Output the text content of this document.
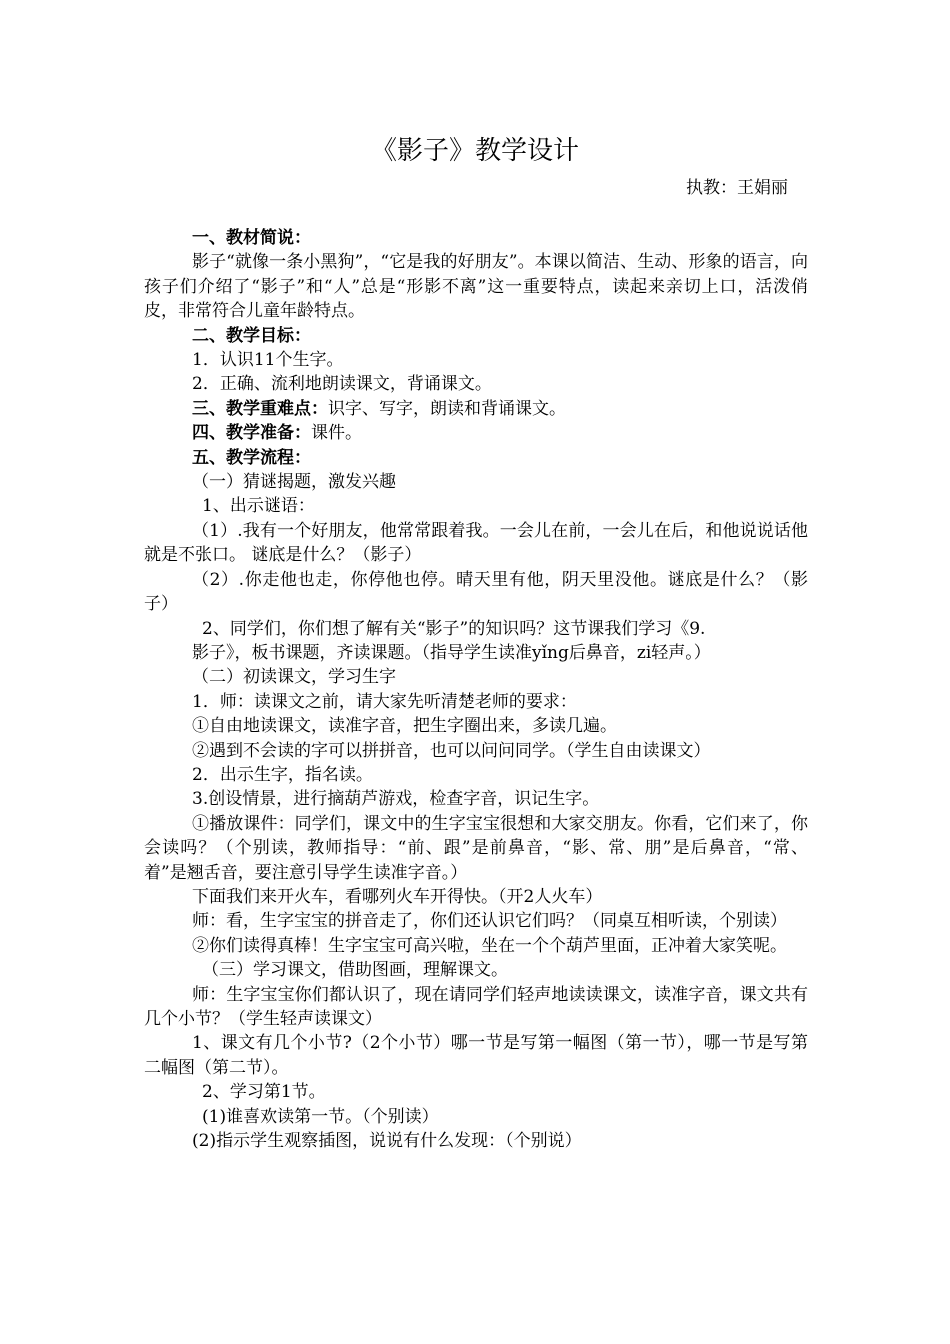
《影子》教学设计
执教：王娟丽

一、教材简说：

影子“就像一条小黑狗”，“它是我的好朋友”。本课以简洁、生动、形象的语言，向孩子们介绍了“影子”和“人”总是“形影不离”这一重要特点，读起来亲切上口，活泼俏皮，非常符合儿童年龄特点。

二、教学目标：

1．认识11个生字。

2．正确、流利地朗读课文，背诵课文。

三、教学重难点：识字、写字，朗读和背诵课文。

四、教学准备：课件。

五、教学流程：

（一）猜谜揭题，激发兴趣

1、出示谜语：

（1）.我有一个好朋友，他常常跟着我。一会儿在前，一会儿在后，和他说说话他就是不张口。 谜底是什么？（影子）

（2）.你走他也走，你停他也停。晴天里有他，阴天里没他。谜底是什么？（影子）

2、同学们，你们想了解有关“影子”的知识吗？这节课我们学习《9.

影子》，板书课题，齐读课题。（指导学生读准yǐng后鼻音，zi轻声。）

（二）初读课文，学习生字

1．师：读课文之前，请大家先听清楚老师的要求：

①自由地读课文，读准字音，把生字圈出来，多读几遍。

②遇到不会读的字可以拼拼音，也可以问问同学。（学生自由读课文）

2．出示生字，指名读。

3.创设情景，进行摘葫芦游戏，检查字音，识记生字。

①播放课件：同学们，课文中的生字宝宝很想和大家交朋友。你看，它们来了，你会读吗？（个别读，教师指导：“前、跟”是前鼻音，“影、常、朋”是后鼻音，“常、着”是翘舌音，要注意引导学生读准字音。）

下面我们来开火车，看哪列火车开得快。（开2人火车）

师：看，生字宝宝的拼音走了，你们还认识它们吗？（同桌互相听读，个别读）

②你们读得真棒！生字宝宝可高兴啦，坐在一个个葫芦里面，正冲着大家笑呢。

（三）学习课文，借助图画，理解课文。

师：生字宝宝你们都认识了，现在请同学们轻声地读读课文，读准字音，课文共有几个小节？（学生轻声读课文）

1、课文有几个小节?（2个小节）哪一节是写第一幅图（第一节），哪一节是写第二幅图（第二节）。

2、学习第1节。

(1)谁喜欢读第一节。（个别读）

(2)指示学生观察插图，说说有什么发现：（个别说）
